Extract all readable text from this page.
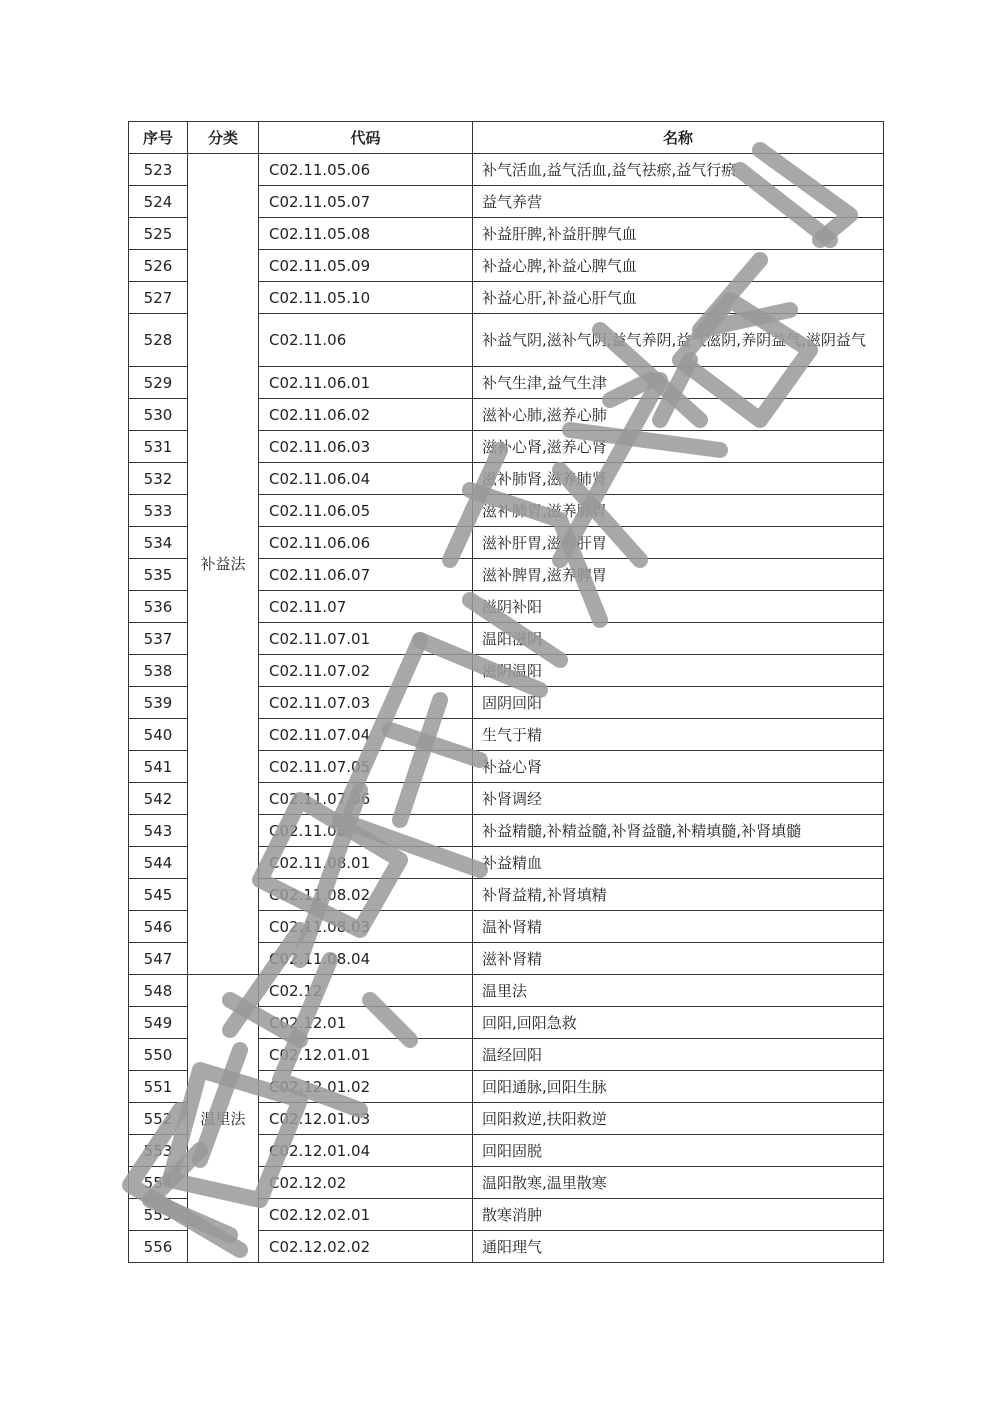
序号	分类	代码	名称
523	补益法	C02.11.05.06	补气活血,益气活血,益气祛瘀,益气行瘀
524		C02.11.05.07	益气养营
525		C02.11.05.08	补益肝脾,补益肝脾气血
526		C02.11.05.09	补益心脾,补益心脾气血
527		C02.11.05.10	补益心肝,补益心肝气血
528		C02.11.06	补益气阴,滋补气阴,益气养阴,益气滋阴,养阴益气,滋阴益气
529		C02.11.06.01	补气生津,益气生津
530		C02.11.06.02	滋补心肺,滋养心肺
531		C02.11.06.03	滋补心肾,滋养心肾
532		C02.11.06.04	滋补肺肾,滋养肺肾
533		C02.11.06.05	滋补肺胃,滋养肺胃
534		C02.11.06.06	滋补肝胃,滋养肝胃
535		C02.11.06.07	滋补脾胃,滋养脾胃
536		C02.11.07	滋阴补阳
537		C02.11.07.01	温阳滋阴
538		C02.11.07.02	滋阴温阳
539		C02.11.07.03	固阴回阳
540		C02.11.07.04	生气于精
541		C02.11.07.05	补益心肾
542		C02.11.07.06	补肾调经
543		C02.11.08	补益精髓,补精益髓,补肾益髓,补精填髓,补肾填髓
544		C02.11.08.01	补益精血
545		C02.11.08.02	补肾益精,补肾填精
546		C02.11.08.03	温补肾精
547		C02.11.08.04	滋补肾精
548	温里法	C02.12	温里法
549		C02.12.01	回阳,回阳急救
550		C02.12.01.01	温经回阳
551		C02.12.01.02	回阳通脉,回阳生脉
552		C02.12.01.03	回阳救逆,扶阳救逆
553		C02.12.01.04	回阳固脱
554		C02.12.02	温阳散寒,温里散寒
555		C02.12.02.01	散寒消肿
556		C02.12.02.02	通阳理气
